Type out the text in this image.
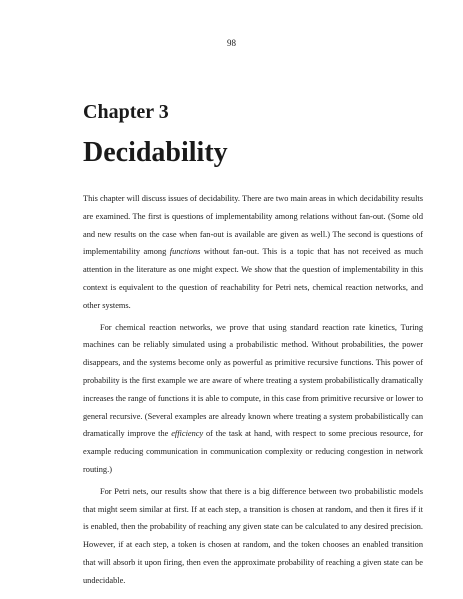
98
Chapter 3
Decidability

This chapter will discuss issues of decidability. There are two main areas in which decidability results are examined. The first is questions of implementability among relations without fan-out. (Some old and new results on the case when fan-out is available are given as well.) The second is questions of implementability among functions without fan-out. This is a topic that has not received as much attention in the literature as one might expect. We show that the question of implementability in this context is equivalent to the question of reachability for Petri nets, chemical reaction networks, and other systems.

For chemical reaction networks, we prove that using standard reaction rate kinetics, Turing machines can be reliably simulated using a probabilistic method. Without probabilities, the power disappears, and the systems become only as powerful as primitive recursive functions. This power of probability is the first example we are aware of where treating a system probabilistically dramatically increases the range of functions it is able to compute, in this case from primitive recursive or lower to general recursive. (Several examples are already known where treating a system probabilistically can dramatically improve the efficiency of the task at hand, with respect to some precious resource, for example reducing communication in communication complexity or reducing congestion in network routing.)

For Petri nets, our results show that there is a big difference between two probabilistic models that might seem similar at first. If at each step, a transition is chosen at random, and then it fires if it is enabled, then the probability of reaching any given state can be calculated to any desired precision. However, if at each step, a token is chosen at random, and the token chooses an enabled transition that will absorb it upon firing, then even the approximate probability of reaching a given state can be undecidable.
